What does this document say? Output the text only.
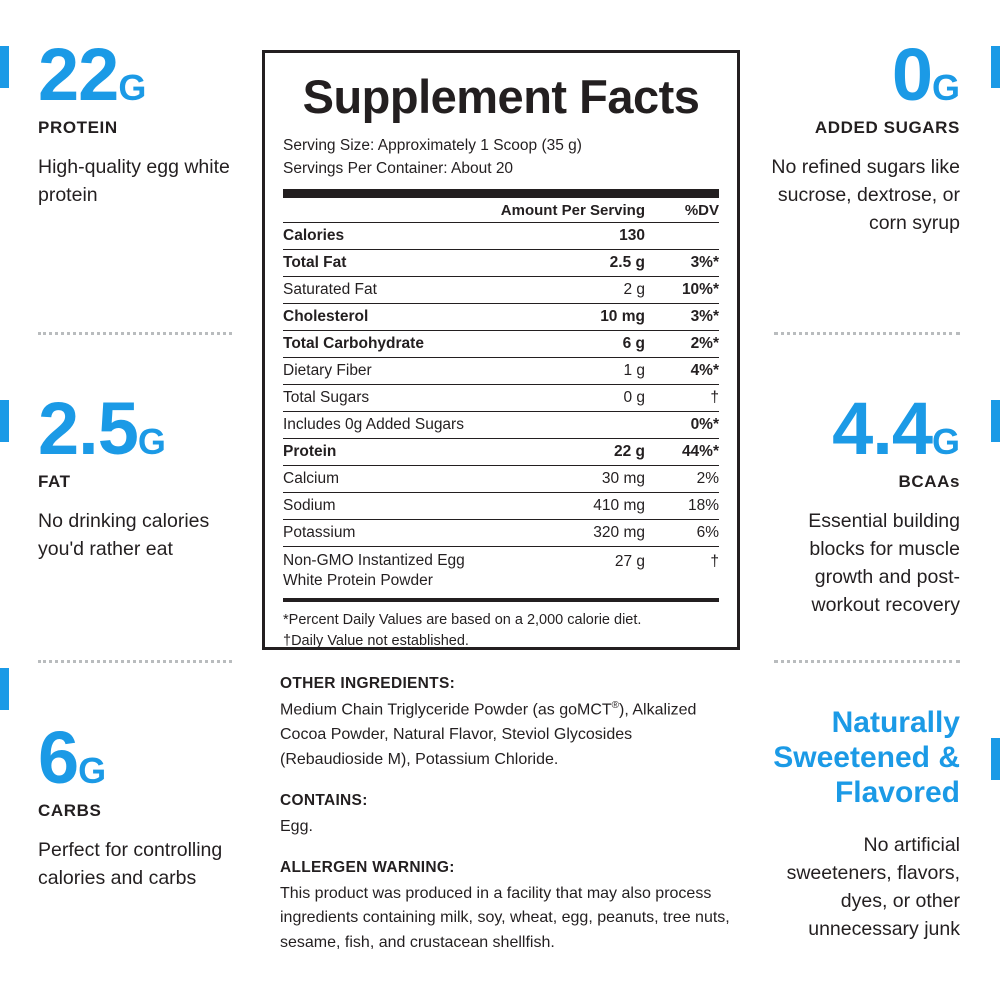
22G
PROTEIN
High-quality egg white protein
2.5G
FAT
No drinking calories you'd rather eat
6G
CARBS
Perfect for controlling calories and carbs
Supplement Facts
Serving Size: Approximately 1 Scoop (35 g)
Servings Per Container: About 20
	Amount Per Serving	%DV
Calories	130	
Total Fat	2.5 g	3%*
Saturated Fat	2 g	10%*
Cholesterol	10 mg	3%*
Total Carbohydrate	6 g	2%*
Dietary Fiber	1 g	4%*
Total Sugars	0 g	†
Includes 0g Added Sugars		0%*
Protein	22 g	44%*
Calcium	30 mg	2%
Sodium	410 mg	18%
Potassium	320 mg	6%
Non-GMO Instantized Egg White Protein Powder	27 g	†
*Percent Daily Values are based on a 2,000 calorie diet.
†Daily Value not established.
OTHER INGREDIENTS:

Medium Chain Triglyceride Powder (as goMCT®), Alkalized Cocoa Powder, Natural Flavor, Steviol Glycosides (Rebaudioside M), Potassium Chloride.

CONTAINS:

Egg.

ALLERGEN WARNING:

This product was produced in a facility that may also process ingredients containing milk, soy, wheat, egg, peanuts, tree nuts, sesame, fish, and crustacean shellfish.

0G
ADDED SUGARS
No refined sugars like sucrose, dextrose, or corn syrup
4.4G
BCAAs
Essential building blocks for muscle growth and post-workout recovery
Naturally Sweetened & Flavored
No artificial sweeteners, flavors, dyes, or other unnecessary junk
